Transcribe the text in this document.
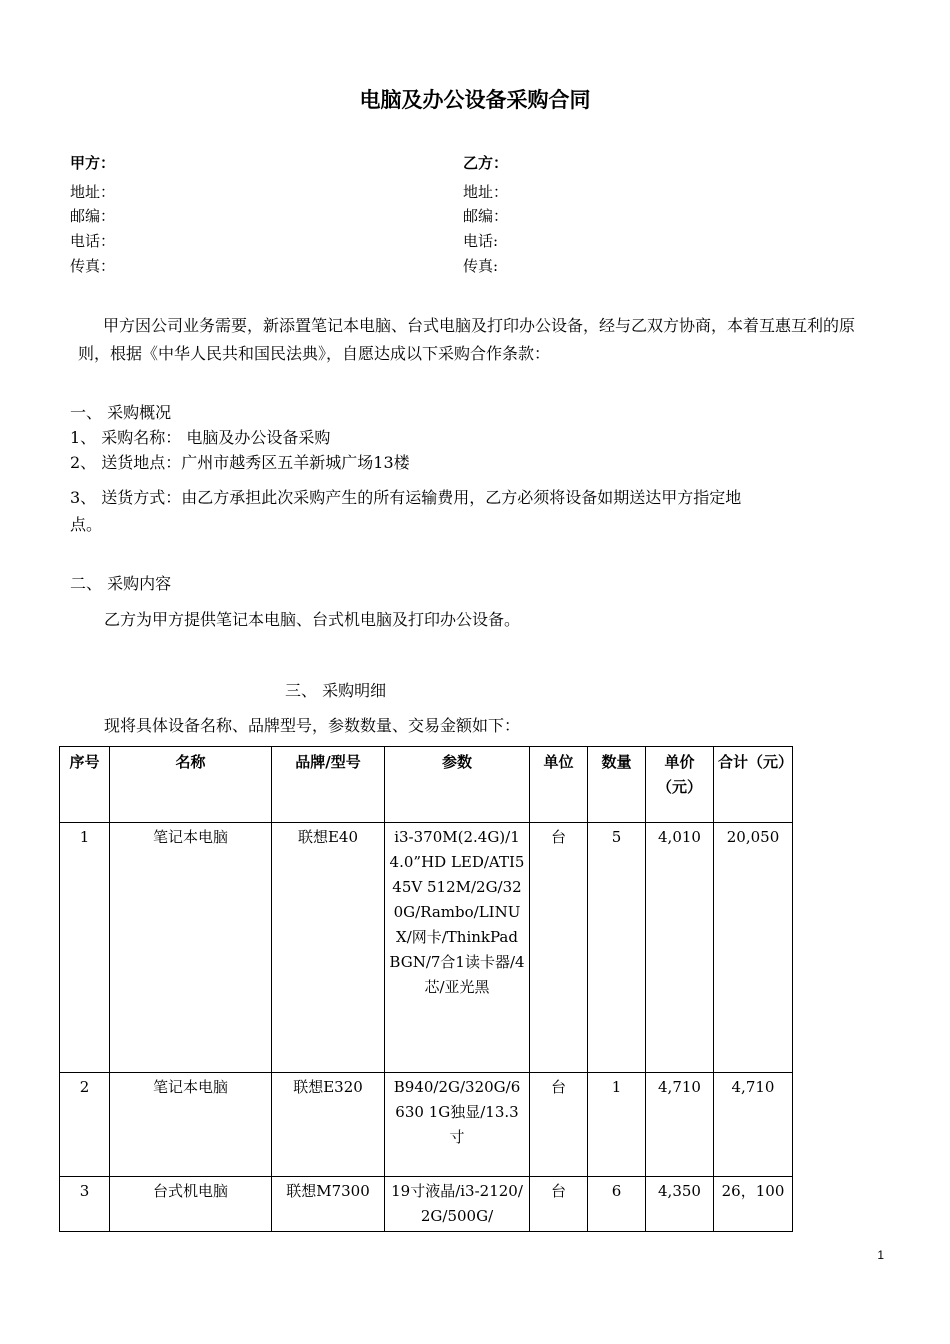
电脑及办公设备采购合同
甲方：
地址：
邮编：
电话：
传真：
乙方：
地址：
邮编：
电话:
传真:
甲方因公司业务需要，新添置笔记本电脑、台式电脑及打印办公设备，经与乙双方协商，本着互惠互利的原则，根据《中华人民共和国民法典》，自愿达成以下采购合作条款：
一、 采购概况
1、 采购名称： 电脑及办公设备采购
2、 送货地点：广州市越秀区五羊新城广场13楼
3、 送货方式：由乙方承担此次采购产生的所有运输费用，乙方必须将设备如期送达甲方指定地
点。
二、 采购内容
乙方为甲方提供笔记本电脑、台式机电脑及打印办公设备。
三、 采购明细
现将具体设备名称、品牌型号，参数数量、交易金额如下：
序号	名称	品牌/型号	参数	单位	数量	单价（元）	合计（元）
1	笔记本电脑	联想E40	i3-370M(2.4G)/14.0”HD LED/ATI545V 512M/2G/320G/Rambo/LINUX/网卡/ThinkPad BGN/7合1读卡器/4芯/亚光黑	台	5	4,010	20,050
2	笔记本电脑	联想E320	B940/2G/320G/6630 1G独显/13.3寸	台	1	4,710	4,710
3	台式机电脑	联想M7300	19寸液晶/i3-2120/2G/500G/	台	6	4,350	26，100
1
